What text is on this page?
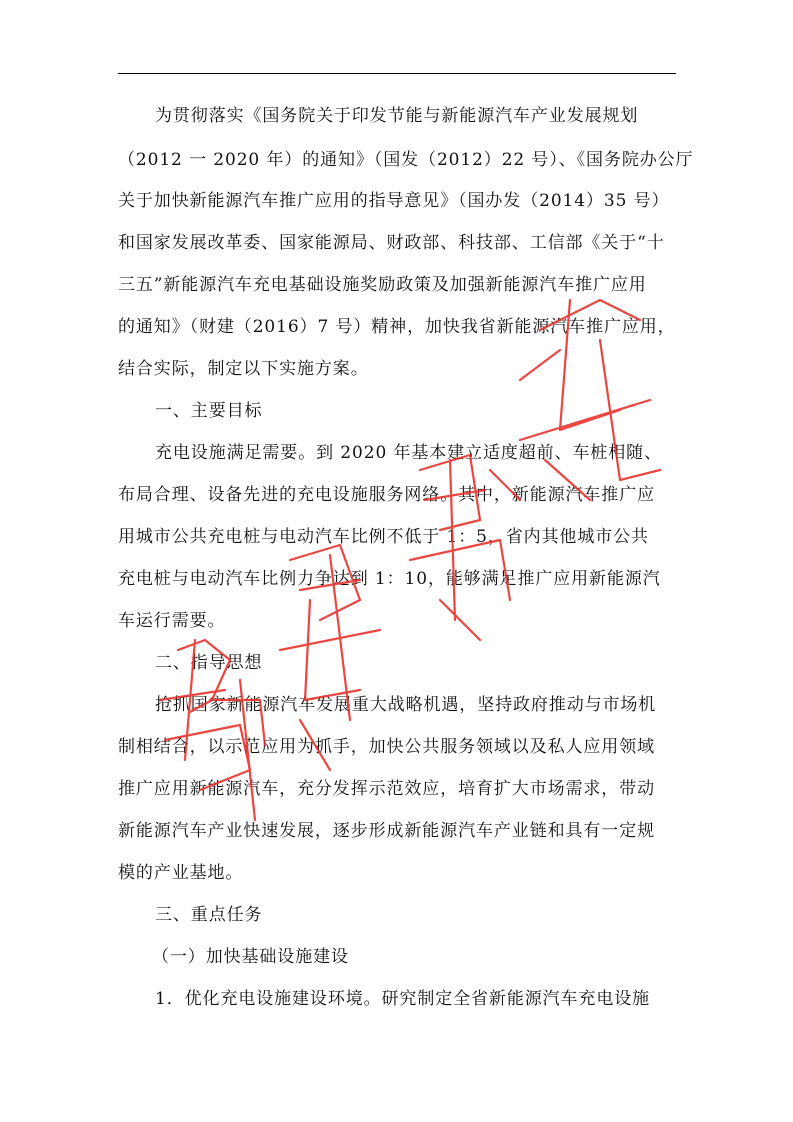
为贯彻落实《国务院关于印发节能与新能源汽车产业发展规划
（2012 一 2020 年）的通知》（国发（2012）22 号）、《国务院办公厅
关于加快新能源汽车推广应用的指导意见》（国办发（2014）35 号）
和国家发展改革委、国家能源局、财政部、科技部、工信部《关于“十
三五”新能源汽车充电基础设施奖励政策及加强新能源汽车推广应用
的通知》（财建（2016）7 号）精神，加快我省新能源汽车推广应用，
结合实际，制定以下实施方案。
一、主要目标
充电设施满足需要。到 2020 年基本建立适度超前、车桩相随、
布局合理、设备先进的充电设施服务网络。其中，新能源汽车推广应
用城市公共充电桩与电动汽车比例不低于 1：5，省内其他城市公共
充电桩与电动汽车比例力争达到 1：10，能够满足推广应用新能源汽
车运行需要。
二、指导思想
抢抓国家新能源汽车发展重大战略机遇，坚持政府推动与市场机
制相结合，以示范应用为抓手，加快公共服务领域以及私人应用领域
推广应用新能源汽车，充分发挥示范效应，培育扩大市场需求，带动
新能源汽车产业快速发展，逐步形成新能源汽车产业链和具有一定规
模的产业基地。
三、重点任务
（一）加快基础设施建设
1．优化充电设施建设环境。研究制定全省新能源汽车充电设施
